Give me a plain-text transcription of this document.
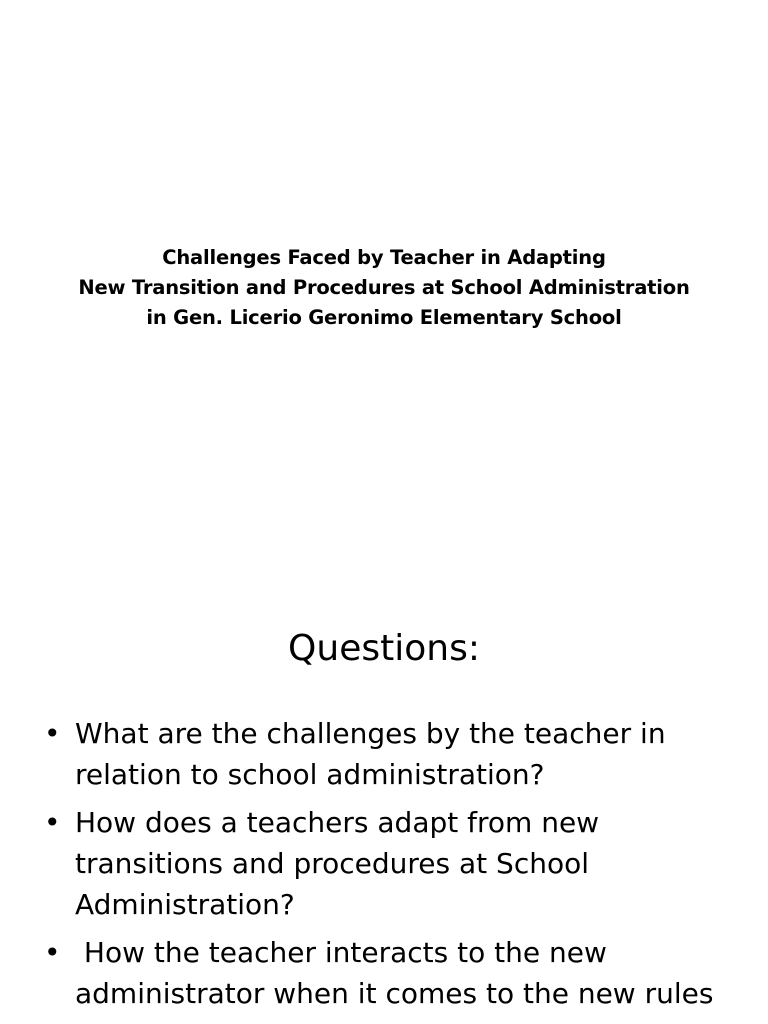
Challenges Faced by Teacher in Adapting
New Transition and Procedures at School Administration
in Gen. Licerio Geronimo Elementary School
Questions:
• What are the challenges by the teacher in relation to school administration?
• How does a teachers adapt from new transitions and procedures at School Administration?
• How the teacher interacts to the new administrator when it comes to the new rules
